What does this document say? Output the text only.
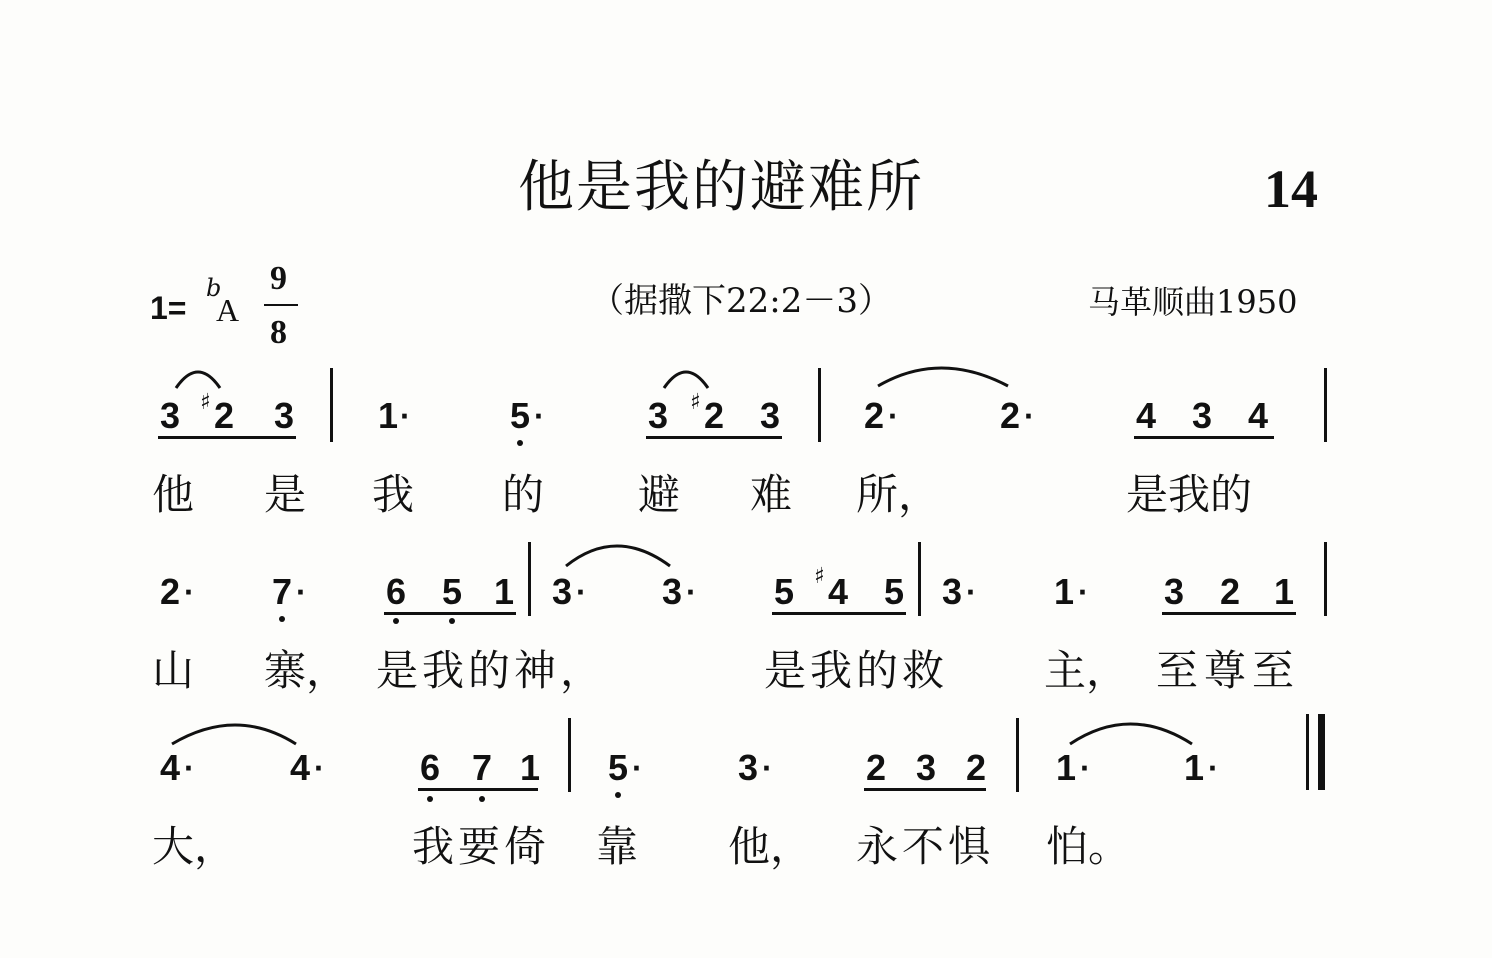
他是我的避难所	14
1=
b
A
9
8
（据撒下22:2－3）	马革顺曲1950
3 ♯ 2 3 1 ·	5 ·	3 ♯ 2 3 2 ·	2 ·	4 3 4
他 是 我 的 避 难 所，	是我的
2 · 7 · 6 5 1 3 · 3 · 5 ♯ 4 5 3 · 1 · 3 2 1
山 寨， 是我的神，	是我的救 主， 至尊至
4 ·	4 ·	6 7 1 5 ·	3 ·	2 3 2 1 ·	1 ·
大，	我要倚 靠 他， 永不惧 怕。
